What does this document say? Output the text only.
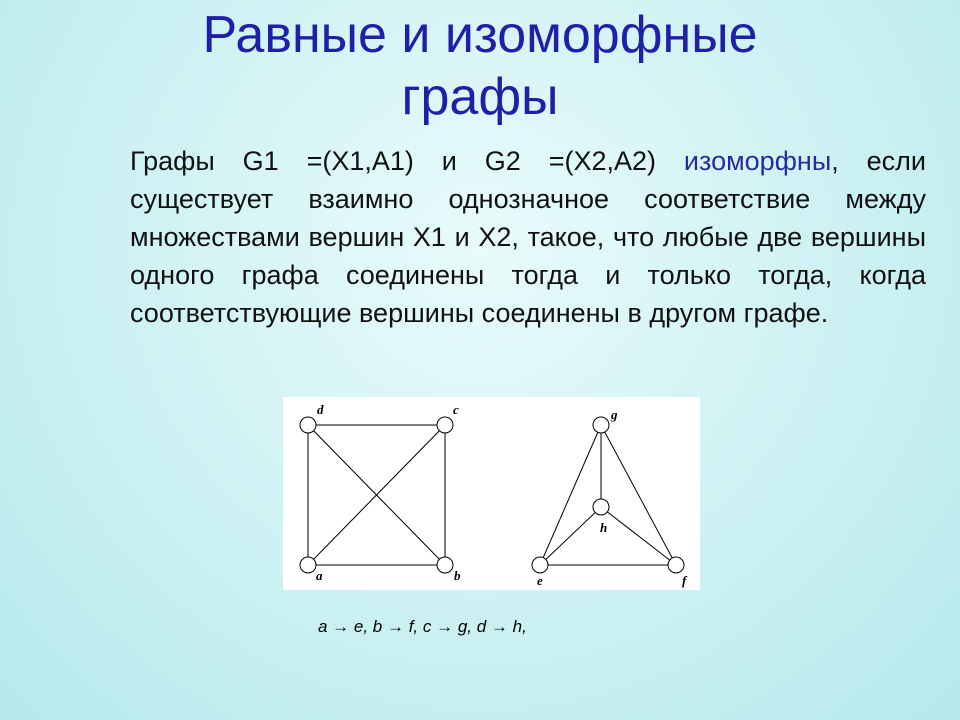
Равные и изоморфные
графы
Графы G1 =(X1,A1) и G2 =(X2,A2) изоморфны, если существует взаимно однозначное соответствие между множествами вершин X1 и X2, такое, что любые две вершины одного графа соединены тогда и только тогда, когда соответствующие вершины соединены в другом графе.
d	c
a	b
g
h
e	f
a → e, b → f, c → g, d → h,
